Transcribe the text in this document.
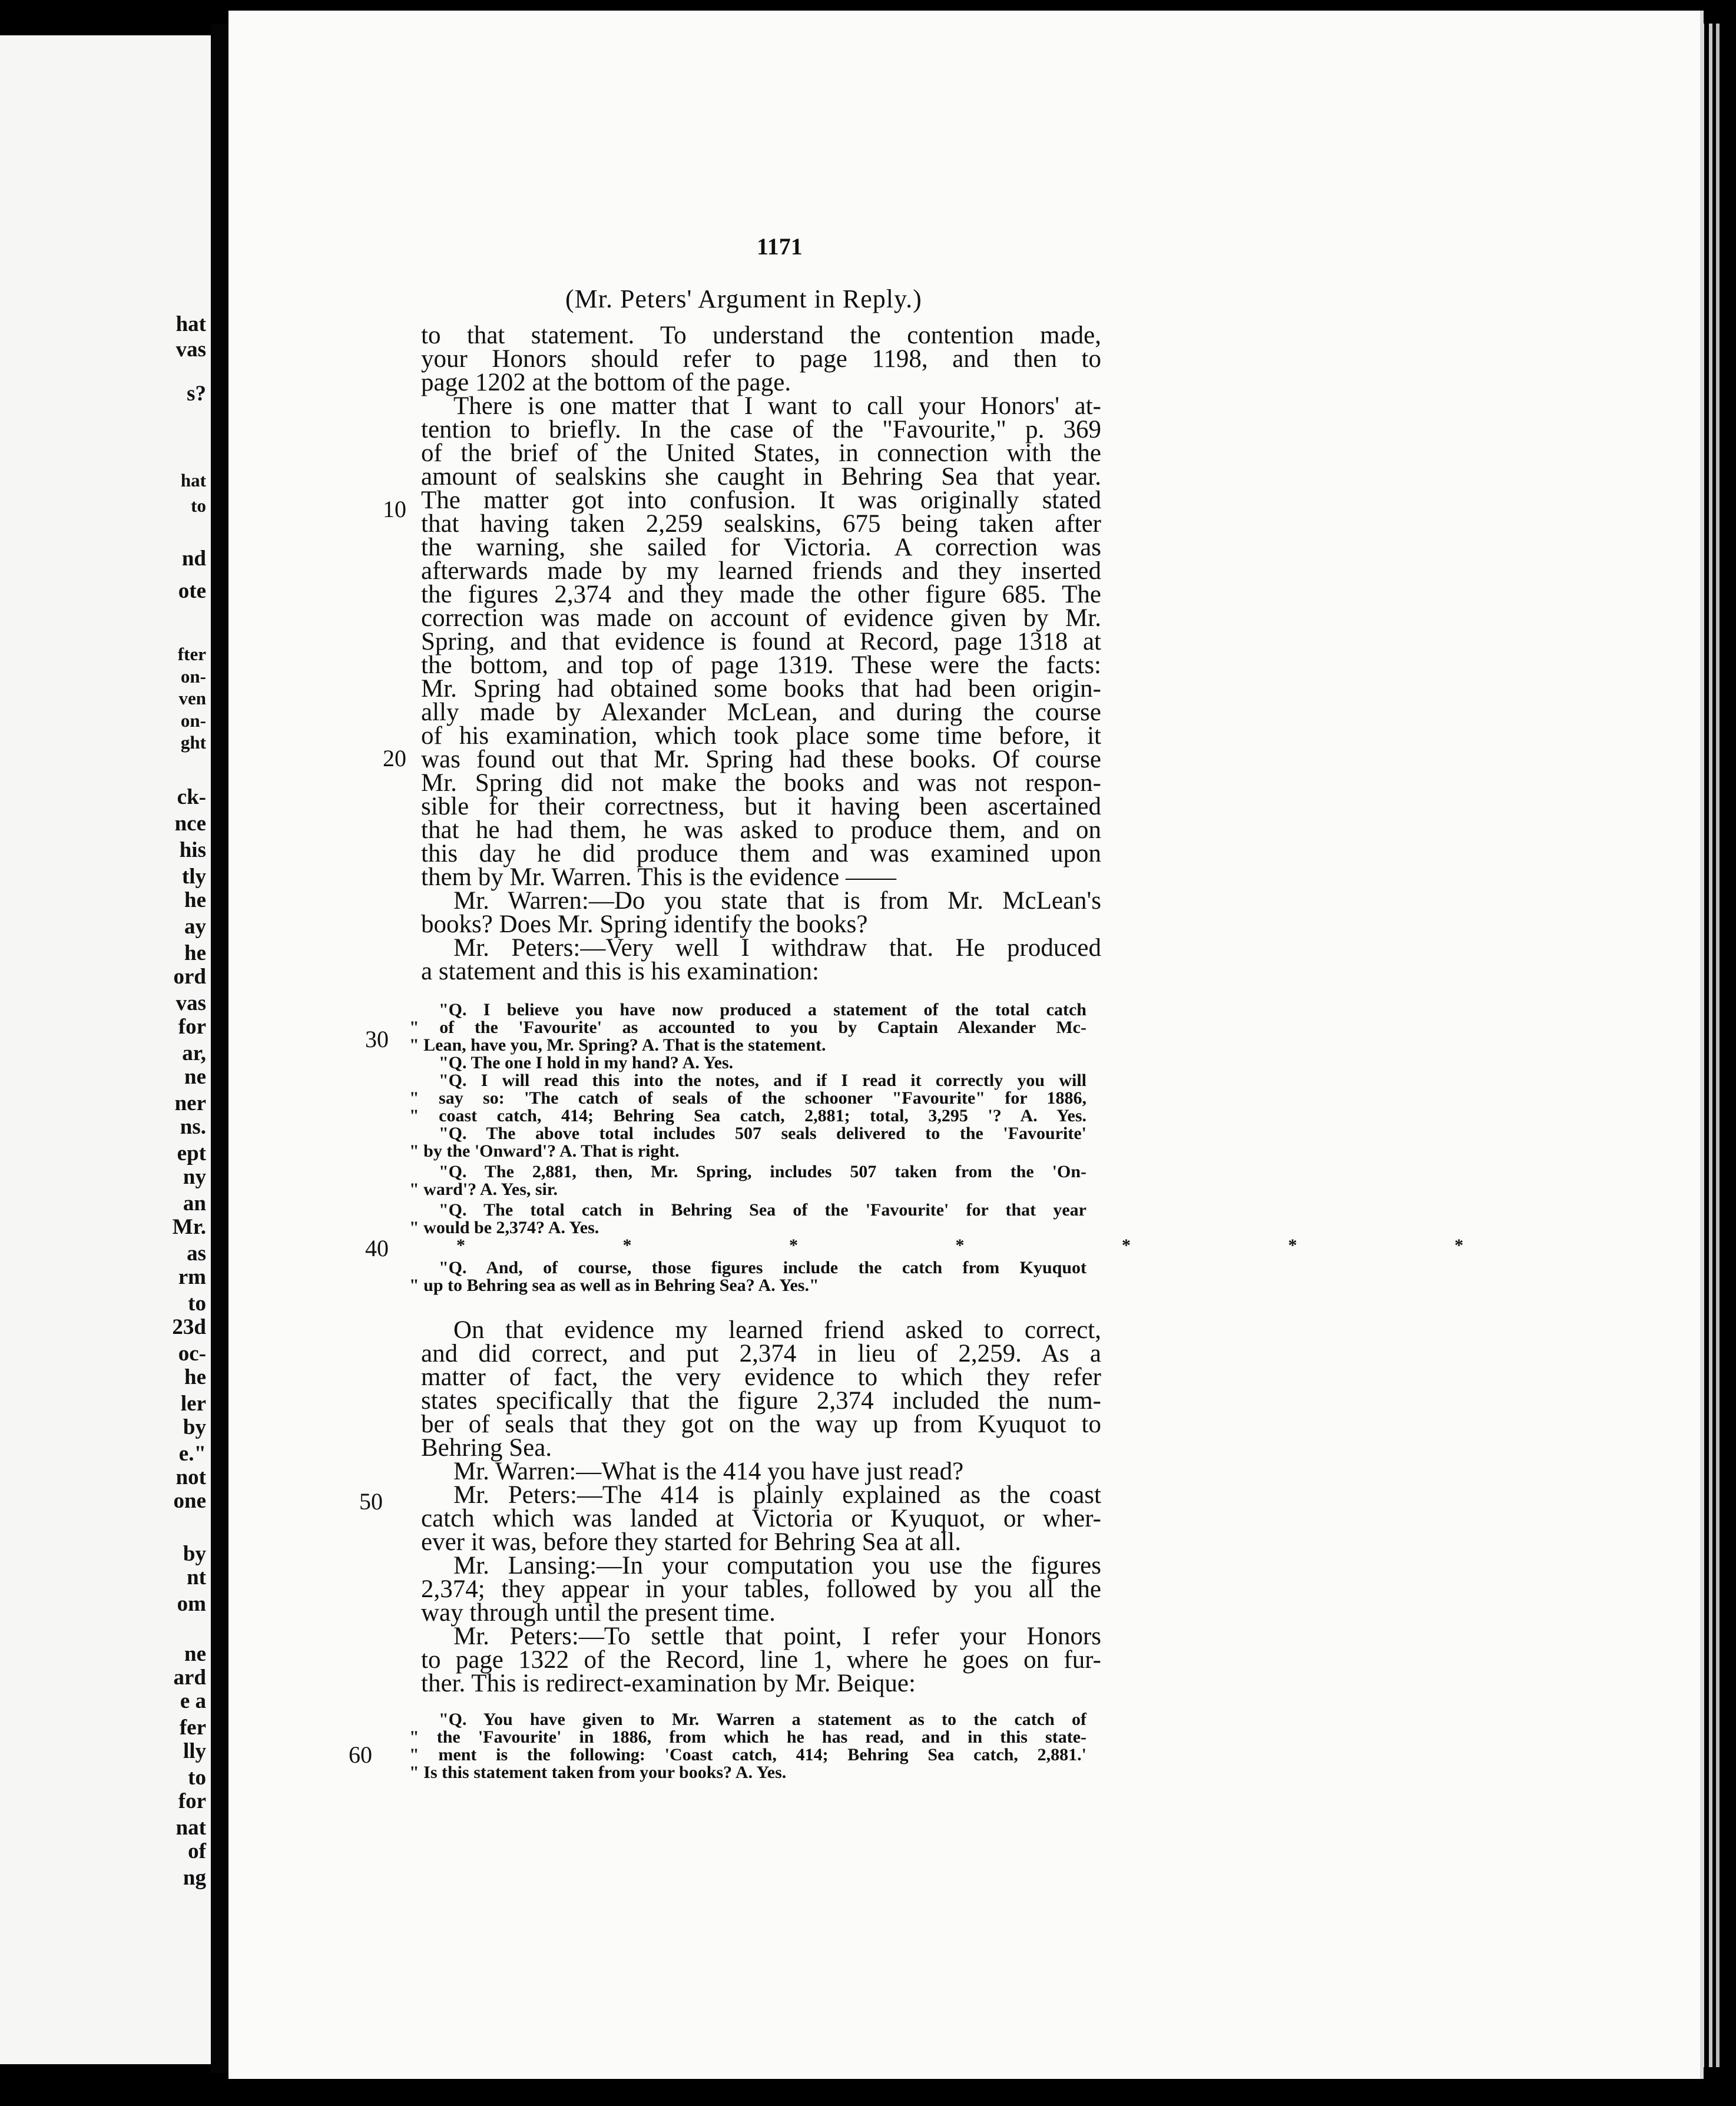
hat
vas
s?
hat
to
nd
ote
fter
on-
ven
on-
ght
ck-
nce
his
tly
he
ay
he
ord
vas
for
ar,
ne
ner
ns.
ept
ny
an
Mr.
as
rm
to
23d
oc-
he
ler
by
e."
not
one
by
nt
om
ne
ard
e a
fer
lly
to
for
nat
of
ng
1171
(Mr. Peters' Argument in Reply.)
10
20
30
40
50
60
to that statement. To understand the contention made,
your Honors should refer to page 1198, and then to
page 1202 at the bottom of the page.
There is one matter that I want to call your Honors' at-
tention to briefly. In the case of the "Favourite," p. 369
of the brief of the United States, in connection with the
amount of sealskins she caught in Behring Sea that year.
The matter got into confusion. It was originally stated
that having taken 2,259 sealskins, 675 being taken after
the warning, she sailed for Victoria. A correction was
afterwards made by my learned friends and they inserted
the figures 2,374 and they made the other figure 685. The
correction was made on account of evidence given by Mr.
Spring, and that evidence is found at Record, page 1318 at
the bottom, and top of page 1319. These were the facts:
Mr. Spring had obtained some books that had been origin-
ally made by Alexander McLean, and during the course
of his examination, which took place some time before, it
was found out that Mr. Spring had these books. Of course
Mr. Spring did not make the books and was not respon-
sible for their correctness, but it having been ascertained
that he had them, he was asked to produce them, and on
this day he did produce them and was examined upon
them by Mr. Warren. This is the evidence ——
Mr. Warren:—Do you state that is from Mr. McLean's
books? Does Mr. Spring identify the books?
Mr. Peters:—Very well I withdraw that. He produced
a statement and this is his examination:
"Q. I believe you have now produced a statement of the total catch
" of the 'Favourite' as accounted to you by Captain Alexander Mc-
" Lean, have you, Mr. Spring? A. That is the statement.
"Q. The one I hold in my hand? A. Yes.
"Q. I will read this into the notes, and if I read it correctly you will
" say so: 'The catch of seals of the schooner "Favourite" for 1886,
" coast catch, 414; Behring Sea catch, 2,881; total, 3,295 '? A. Yes.
"Q. The above total includes 507 seals delivered to the 'Favourite'
" by the 'Onward'? A. That is right.
"Q. The 2,881, then, Mr. Spring, includes 507 taken from the 'On-
" ward'? A. Yes, sir.
"Q. The total catch in Behring Sea of the 'Favourite' for that year
" would be 2,374? A. Yes.
* * * * * * *
"Q. And, of course, those figures include the catch from Kyuquot
" up to Behring sea as well as in Behring Sea? A. Yes."
On that evidence my learned friend asked to correct,
and did correct, and put 2,374 in lieu of 2,259. As a
matter of fact, the very evidence to which they refer
states specifically that the figure 2,374 included the num-
ber of seals that they got on the way up from Kyuquot to
Behring Sea.
Mr. Warren:—What is the 414 you have just read?
Mr. Peters:—The 414 is plainly explained as the coast
catch which was landed at Victoria or Kyuquot, or wher-
ever it was, before they started for Behring Sea at all.
Mr. Lansing:—In your computation you use the figures
2,374; they appear in your tables, followed by you all the
way through until the present time.
Mr. Peters:—To settle that point, I refer your Honors
to page 1322 of the Record, line 1, where he goes on fur-
ther. This is redirect-examination by Mr. Beique:
"Q. You have given to Mr. Warren a statement as to the catch of
" the 'Favourite' in 1886, from which he has read, and in this state-
" ment is the following: 'Coast catch, 414; Behring Sea catch, 2,881.'
" Is this statement taken from your books? A. Yes.
